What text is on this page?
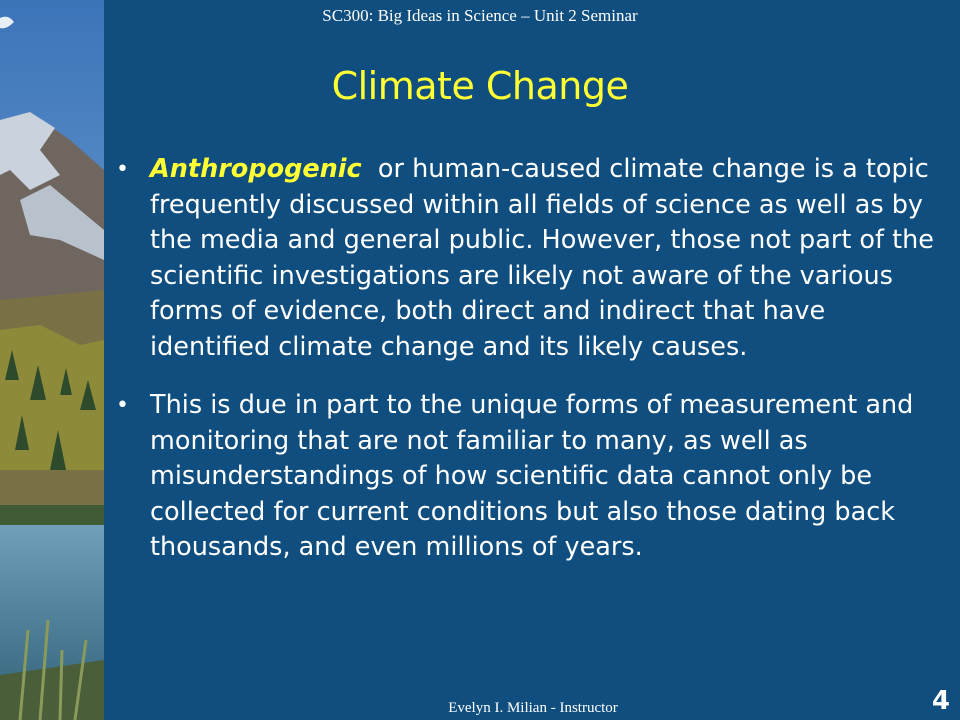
SC300: Big Ideas in Science – Unit 2 Seminar
Climate Change
• Anthropogenic  or human-caused climate change is a topic frequently discussed within all fields of science as well as by the media and general public. However, those not part of the scientific investigations are likely not aware of the various forms of evidence, both direct and indirect that have identified climate change and its likely causes.
• This is due in part to the unique forms of measurement and monitoring that are not familiar to many, as well as misunderstandings of how scientific data cannot only be collected for current conditions but also those dating back thousands, and even millions of years.
Evelyn I. Milian - Instructor	4
